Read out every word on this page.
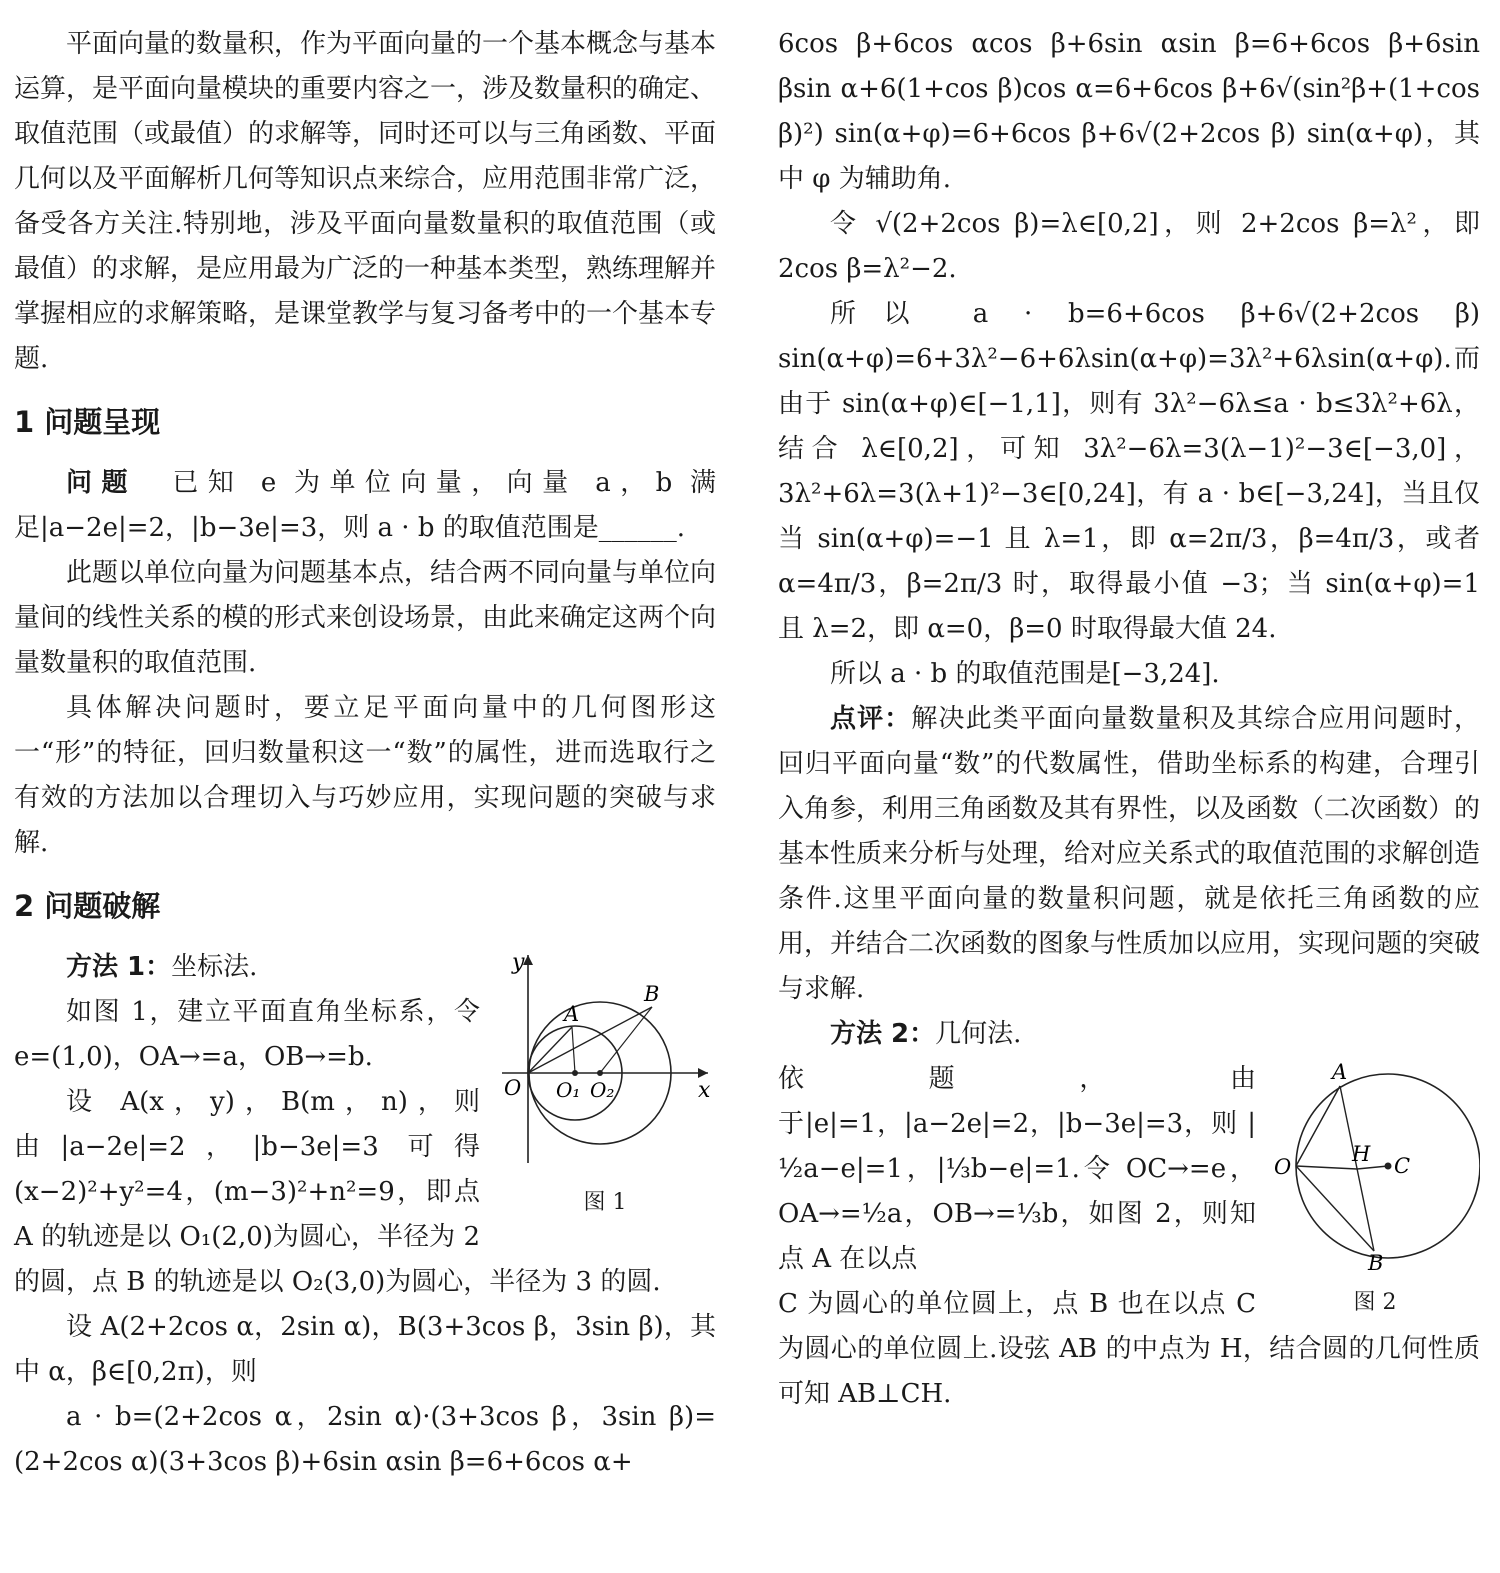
平面向量的数量积，作为平面向量的一个基本概念与基本运算，是平面向量模块的重要内容之一，涉及数量积的确定、取值范围（或最值）的求解等，同时还可以与三角函数、平面几何以及平面解析几何等知识点来综合，应用范围非常广泛，备受各方关注.特别地，涉及平面向量数量积的取值范围（或最值）的求解，是应用最为广泛的一种基本类型，熟练理解并掌握相应的求解策略，是课堂教学与复习备考中的一个基本专题.

1 问题呈现

问题 已知 e 为单位向量，向量 a，b 满足|a−2e|=2，|b−3e|=3，则 a · b 的取值范围是______.

此题以单位向量为问题基本点，结合两不同向量与单位向量间的线性关系的模的形式来创设场景，由此来确定这两个向量数量积的取值范围.

具体解决问题时，要立足平面向量中的几何图形这一“形”的特征，回归数量积这一“数”的属性，进而选取行之有效的方法加以合理切入与巧妙应用，实现问题的突破与求解.

2 问题破解
y
x
O
A
B
O₁ O₂
图 1

方法 1：坐标法.

如图 1，建立平面直角坐标系，令 e=(1,0)，OA→=a，OB→=b.

设 A(x，y)，B(m，n)，则由|a−2e|=2，|b−3e|=3 可得(x−2)²+y²=4，(m−3)²+n²=9，即点 A 的轨迹是以 O₁(2,0)为圆心，半径为 2 的圆，点 B 的轨迹是以 O₂(3,0)为圆心，半径为 3 的圆.

设 A(2+2cos α，2sin α)，B(3+3cos β，3sin β)，其中 α，β∈[0,2π)，则

a · b=(2+2cos α，2sin α)·(3+3cos β，3sin β)=(2+2cos α)(3+3cos β)+6sin αsin β=6+6cos α+

6cos β+6cos αcos β+6sin αsin β=6+6cos β+6sin βsin α+6(1+cos β)cos α=6+6cos β+6√(sin²β+(1+cos β)²) sin(α+φ)=6+6cos β+6√(2+2cos β) sin(α+φ)，其中 φ 为辅助角.

令 √(2+2cos β)=λ∈[0,2]，则 2+2cos β=λ²，即 2cos β=λ²−2.

所以 a · b=6+6cos β+6√(2+2cos β) sin(α+φ)=6+3λ²−6+6λsin(α+φ)=3λ²+6λsin(α+φ).而由于 sin(α+φ)∈[−1,1]，则有 3λ²−6λ≤a · b≤3λ²+6λ，结合 λ∈[0,2]，可知 3λ²−6λ=3(λ−1)²−3∈[−3,0]，3λ²+6λ=3(λ+1)²−3∈[0,24]，有 a · b∈[−3,24]，当且仅当 sin(α+φ)=−1 且 λ=1，即 α=2π/3，β=4π/3，或者 α=4π/3，β=2π/3 时，取得最小值 −3；当 sin(α+φ)=1 且 λ=2，即 α=0，β=0 时取得最大值 24.

所以 a · b 的取值范围是[−3,24].

点评：解决此类平面向量数量积及其综合应用问题时，回归平面向量“数”的代数属性，借助坐标系的构建，合理引入角参，利用三角函数及其有界性，以及函数（二次函数）的基本性质来分析与处理，给对应关系式的取值范围的求解创造条件.这里平面向量的数量积问题，就是依托三角函数的应用，并结合二次函数的图象与性质加以应用，实现问题的突破与求解.

方法 2：几何法.

A
B
O
H C
图 2

依题，由于|e|=1，|a−2e|=2，|b−3e|=3，则 |½a−e|=1，|⅓b−e|=1.令 OC→=e，OA→=½a，OB→=⅓b，如图 2，则知点 A 在以点

C 为圆心的单位圆上，点 B 也在以点 C 为圆心的单位圆上.设弦 AB 的中点为 H，结合圆的几何性质可知 AB⊥CH.
